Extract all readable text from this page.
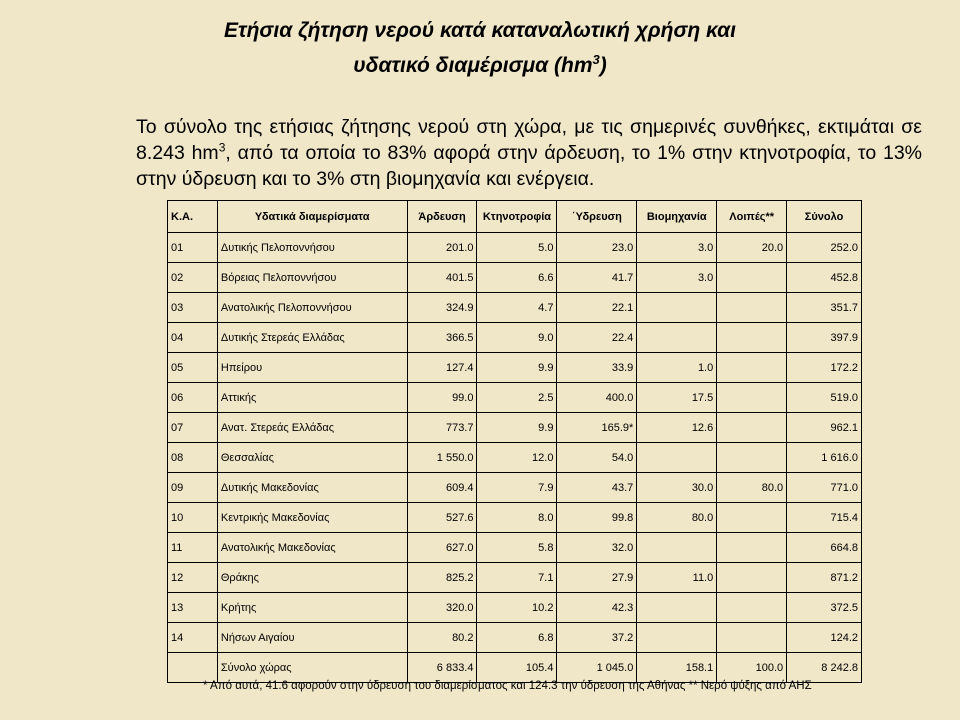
Ετήσια ζήτηση νερού κατά καταναλωτική χρήση και
υδατικό διαμέρισμα $(hm^3)$
Το σύνολο της ετήσιας ζήτησης νερού στη χώρα, με τις σημερινές συνθήκες, εκτιμάται σε 8.243 $hm^3$, από τα οποία το 83% αφορά στην άρδευση, το 1% στην κτηνοτροφία, το 13% στην ύδρευση και το 3% στη βιομηχανία και ενέργεια.
Κ.Α.	Υδατικά διαμερίσματα	Άρδευση	Κτηνοτροφία	΄Υδρευση	Βιομηχανία	Λοιπές**	Σύνολο
01	Δυτικής Πελοποννήσου	201.0	5.0	23.0	3.0	20.0	252.0
02	Βόρειας Πελοποννήσου	401.5	6.6	41.7	3.0		452.8
03	Ανατολικής Πελοποννήσου	324.9	4.7	22.1			351.7
04	Δυτικής Στερεάς Ελλάδας	366.5	9.0	22.4			397.9
05	Ηπείρου	127.4	9.9	33.9	1.0		172.2
06	Αττικής	99.0	2.5	400.0	17.5		519.0
07	Ανατ. Στερεάς Ελλάδας	773.7	9.9	165.9*	12.6		962.1
08	Θεσσαλίας	1 550.0	12.0	54.0			1 616.0
09	Δυτικής Μακεδονίας	609.4	7.9	43.7	30.0	80.0	771.0
10	Κεντρικής Μακεδονίας	527.6	8.0	99.8	80.0		715.4
11	Ανατολικής Μακεδονίας	627.0	5.8	32.0			664.8
12	Θράκης	825.2	7.1	27.9	11.0		871.2
13	Κρήτης	320.0	10.2	42.3			372.5
14	Νήσων Αιγαίου	80.2	6.8	37.2			124.2
	Σύνολο χώρας	6 833.4	105.4	1 045.0	158.1	100.0	8 242.8
* Από αυτά, 41.6 αφορούν στην ύδρευση του διαμερίσματος και 124.3 την ύδρευση της Αθήνας ** Νερό ψύξης από ΑΗΣ
